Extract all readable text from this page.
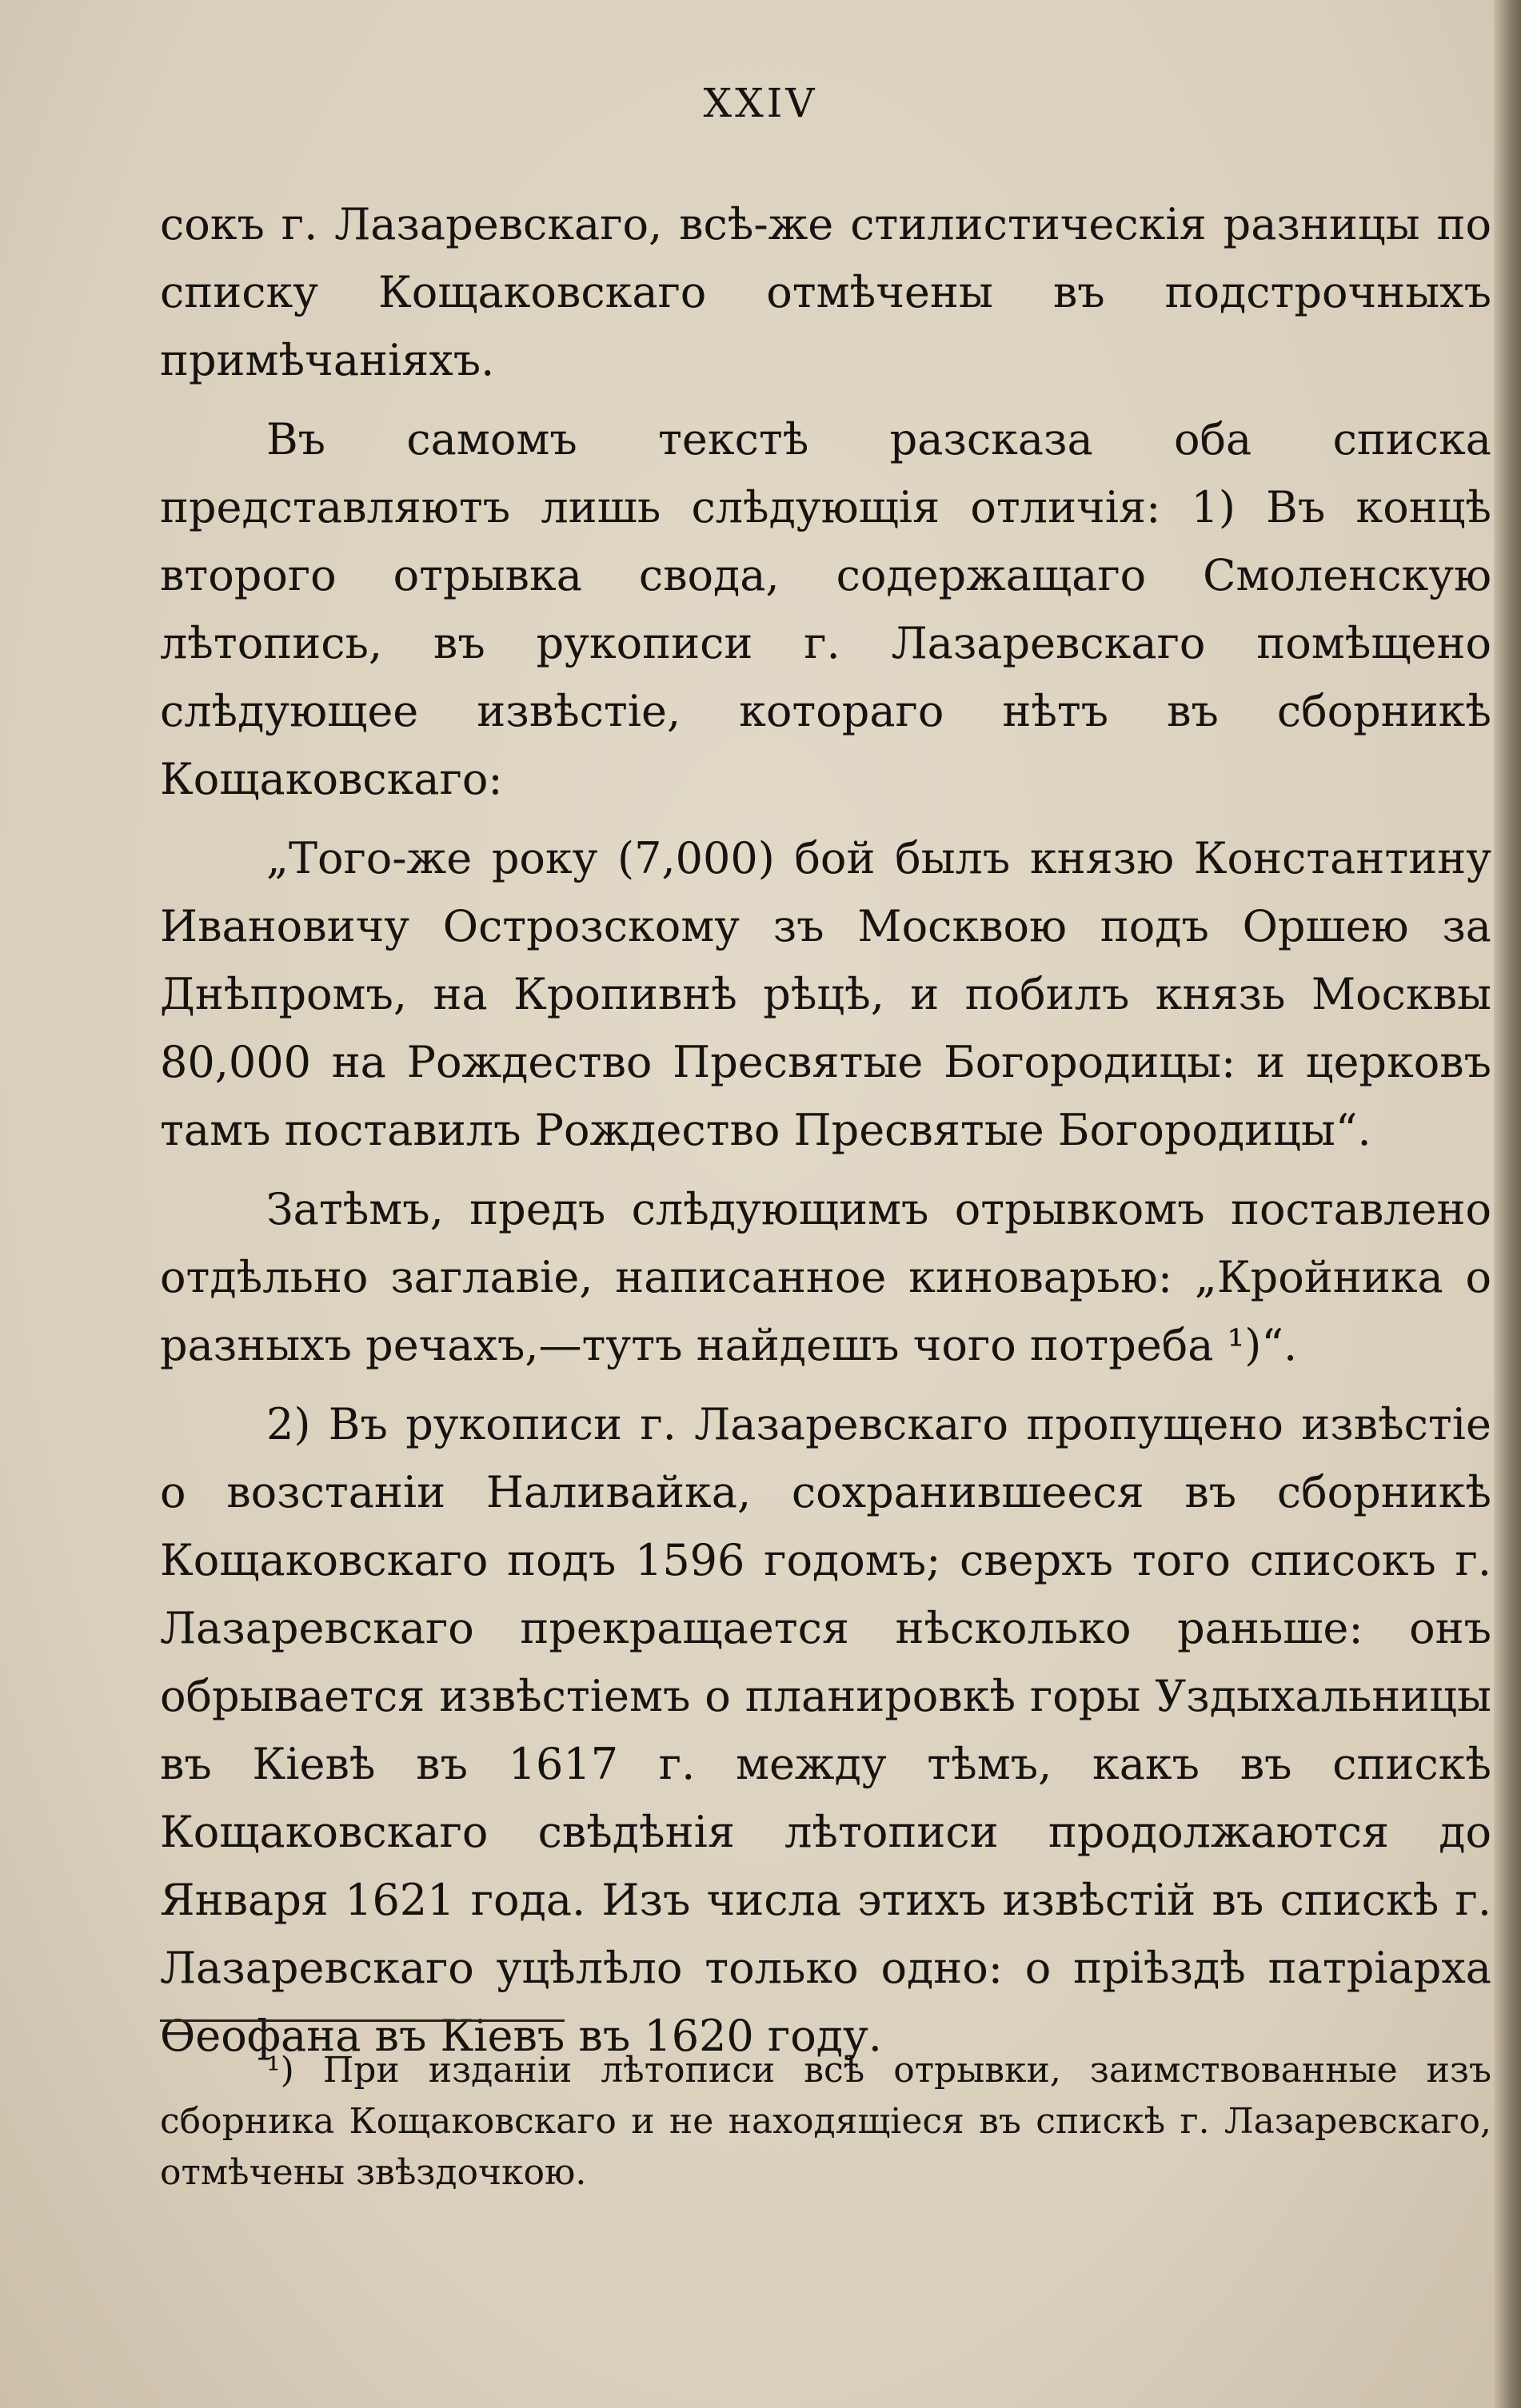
XXIV

сокъ г. Лазаревскаго, всѣ-же стилистическія разницы по списку Кощаковскаго отмѣчены въ подстрочныхъ примѣчаніяхъ.

Въ самомъ текстѣ разсказа оба списка представляютъ лишь слѣдующія отличія: 1) Въ концѣ второго отрывка свода, содержащаго Смоленскую лѣтопись, въ рукописи г. Лазаревскаго помѣщено слѣдующее извѣстіе, котораго нѣтъ въ сборникѣ Кощаковскаго:

„Того-же року (7,000) бой былъ князю Константину Ивановичу Острозскому зъ Москвою подъ Оршею за Днѣпромъ, на Кропивнѣ рѣцѣ, и побилъ князь Москвы 80,000 на Рождество Пресвятые Богородицы: и церковъ тамъ поставилъ Рождество Пресвятые Богородицы“.

Затѣмъ, предъ слѣдующимъ отрывкомъ поставлено отдѣльно заглавіе, написанное киноварью: „Кройника о разныхъ речахъ,—тутъ найдешъ чого потреба ¹)“.

2) Въ рукописи г. Лазаревскаго пропущено извѣстіе о возстаніи Наливайка, сохранившееся въ сборникѣ Кощаковскаго подъ 1596 годомъ; сверхъ того списокъ г. Лазаревскаго прекращается нѣсколько раньше: онъ обрывается извѣстіемъ о планировкѣ горы Уздыхальницы въ Кіевѣ въ 1617 г. между тѣмъ, какъ въ спискѣ Кощаковскаго свѣдѣнія лѣтописи продолжаются до Января 1621 года. Изъ числа этихъ извѣстій въ спискѣ г. Лазаревскаго уцѣлѣло только одно: о пріѣздѣ патріарха Ѳеофана въ Кіевъ въ 1620 году.

¹) При изданіи лѣтописи всѣ отрывки, заимствованные изъ сборника Кощаковскаго и не находящіеся въ спискѣ г. Лазаревскаго, отмѣчены звѣздочкою.
